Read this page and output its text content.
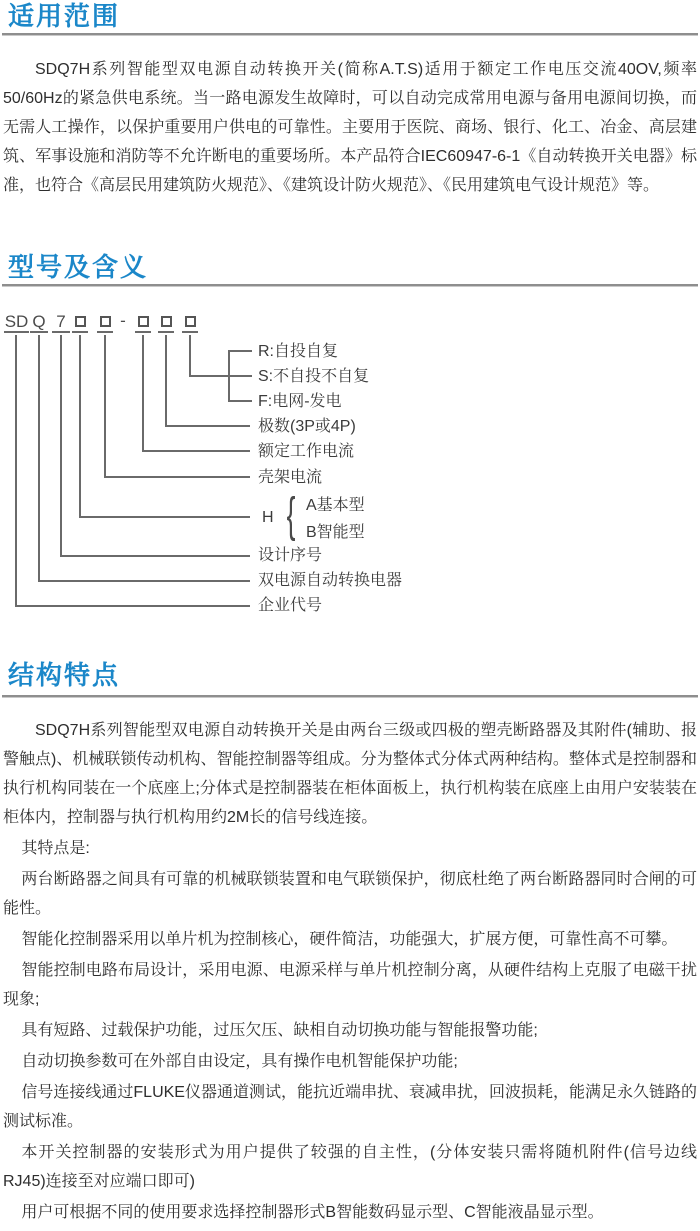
适用范围

SDQ7H系列智能型双电源自动转换开关(简称A.T.S)适用于额定工作电压交流40OV,频率50/60Hz的紧急供电系统。当一路电源发生故障时，可以自动完成常用电源与备用电源间切换，而无需人工操作，以保护重要用户供电的可靠性。主要用于医院、商场、银行、化工、冶金、高层建筑、军事设施和消防等不允许断电的重要场所。本产品符合IEC60947-6-1《自动转换开关电器》标准，也符合《高层民用建筑防火规范》、《建筑设计防火规范》、《民用建筑电气设计规范》等。

型号及含义
SD Q 7	-
R:自投自复
S:不自投不自复
F:电网-发电
极数(3P或4P)
额定工作电流
壳架电流
H { A基本型
B智能型
设计序号
双电源自动转换电器
企业代号
结构特点

SDQ7H系列智能型双电源自动转换开关是由两台三级或四极的塑壳断路器及其附件(辅助、报警触点)、机械联锁传动机构、智能控制器等组成。分为整体式分体式两种结构。整体式是控制器和执行机构同装在一个底座上;分体式是控制器装在柜体面板上，执行机构装在底座上由用户安装装在柜体内，控制器与执行机构用约2M长的信号线连接。

其特点是:

两台断路器之间具有可靠的机械联锁装置和电气联锁保护，彻底杜绝了两台断路器同时合闸的可能性。

智能化控制器采用以单片机为控制核心，硬件简洁，功能强大，扩展方便，可靠性高不可攀。

智能控制电路布局设计，采用电源、电源采样与单片机控制分离，从硬件结构上克服了电磁干扰现象;

具有短路、过载保护功能，过压欠压、缺相自动切换功能与智能报警功能;

自动切换参数可在外部自由设定，具有操作电机智能保护功能;

信号连接线通过FLUKE仪器通道测试，能抗近端串扰、衰减串扰，回波损耗，能满足永久链路的测试标准。

本开关控制器的安装形式为用户提供了较强的自主性，(分体安装只需将随机附件(信号边线RJ45)连接至对应端口即可)

用户可根据不同的使用要求选择控制器形式B智能数码显示型、C智能液晶显示型。
